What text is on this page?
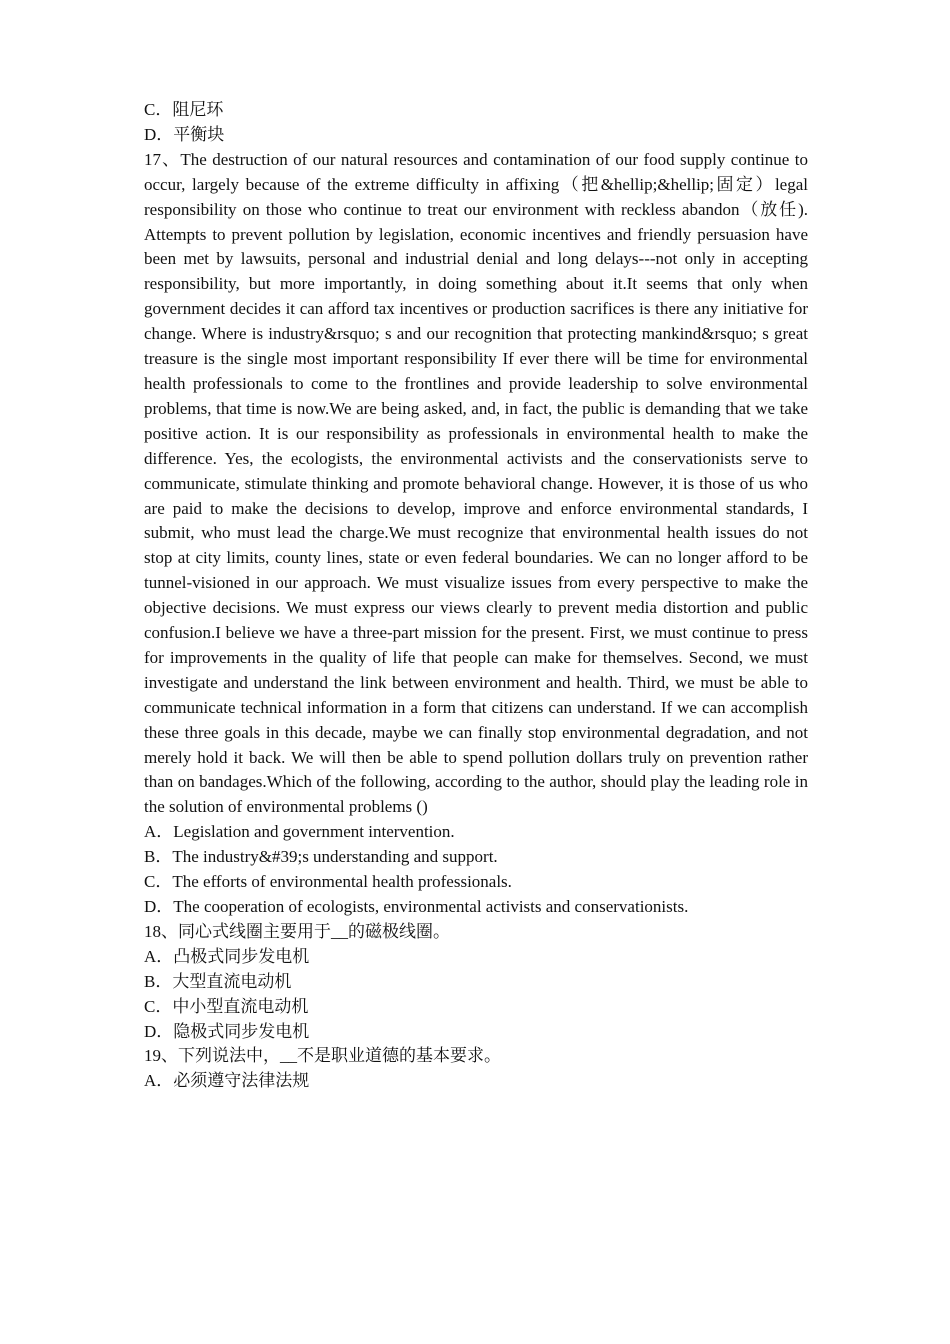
C．阻尼环
D．平衡块
17、The destruction of our natural resources and contamination of our food supply continue to occur, largely because of the extreme difficulty in affixing（把&hellip;&hellip;固定）legal responsibility on those who continue to treat our environment with reckless abandon（放任). Attempts to prevent pollution by legislation, economic incentives and friendly persuasion have been met by lawsuits, personal and industrial denial and long delays---not only in accepting responsibility, but more importantly, in doing something about it.It seems that only when government decides it can afford tax incentives or production sacrifices is there any initiative for change. Where is industry&rsquo; s and our recognition that protecting mankind&rsquo; s great treasure is the single most important responsibility If ever there will be time for environmental health professionals to come to the frontlines and provide leadership to solve environmental problems, that time is now.We are being asked, and, in fact, the public is demanding that we take positive action. It is our responsibility as professionals in environmental health to make the difference. Yes, the ecologists, the environmental activists and the conservationists serve to communicate, stimulate thinking and promote behavioral change. However, it is those of us who are paid to make the decisions to develop, improve and enforce environmental standards, I submit, who must lead the charge.We must recognize that environmental health issues do not stop at city limits, county lines, state or even federal boundaries. We can no longer afford to be tunnel-visioned in our approach. We must visualize issues from every perspective to make the objective decisions. We must express our views clearly to prevent media distortion and public confusion.I believe we have a three-part mission for the present. First, we must continue to press for improvements in the quality of life that people can make for themselves. Second, we must investigate and understand the link between environment and health. Third, we must be able to communicate technical information in a form that citizens can understand. If we can accomplish these three goals in this decade, maybe we can finally stop environmental degradation, and not merely hold it back. We will then be able to spend pollution dollars truly on prevention rather than on bandages.Which of the following, according to the author, should play the leading role in the solution of environmental problems ()
A．Legislation and government intervention.
B．The industry&#39;s understanding and support.
C．The efforts of environmental health professionals.
D．The cooperation of ecologists, environmental activists and conservationists.
18、同心式线圈主要用于__的磁极线圈。
A．凸极式同步发电机
B．大型直流电动机
C．中小型直流电动机
D．隐极式同步发电机
19、下列说法中，__不是职业道德的基本要求。
A．必须遵守法律法规
